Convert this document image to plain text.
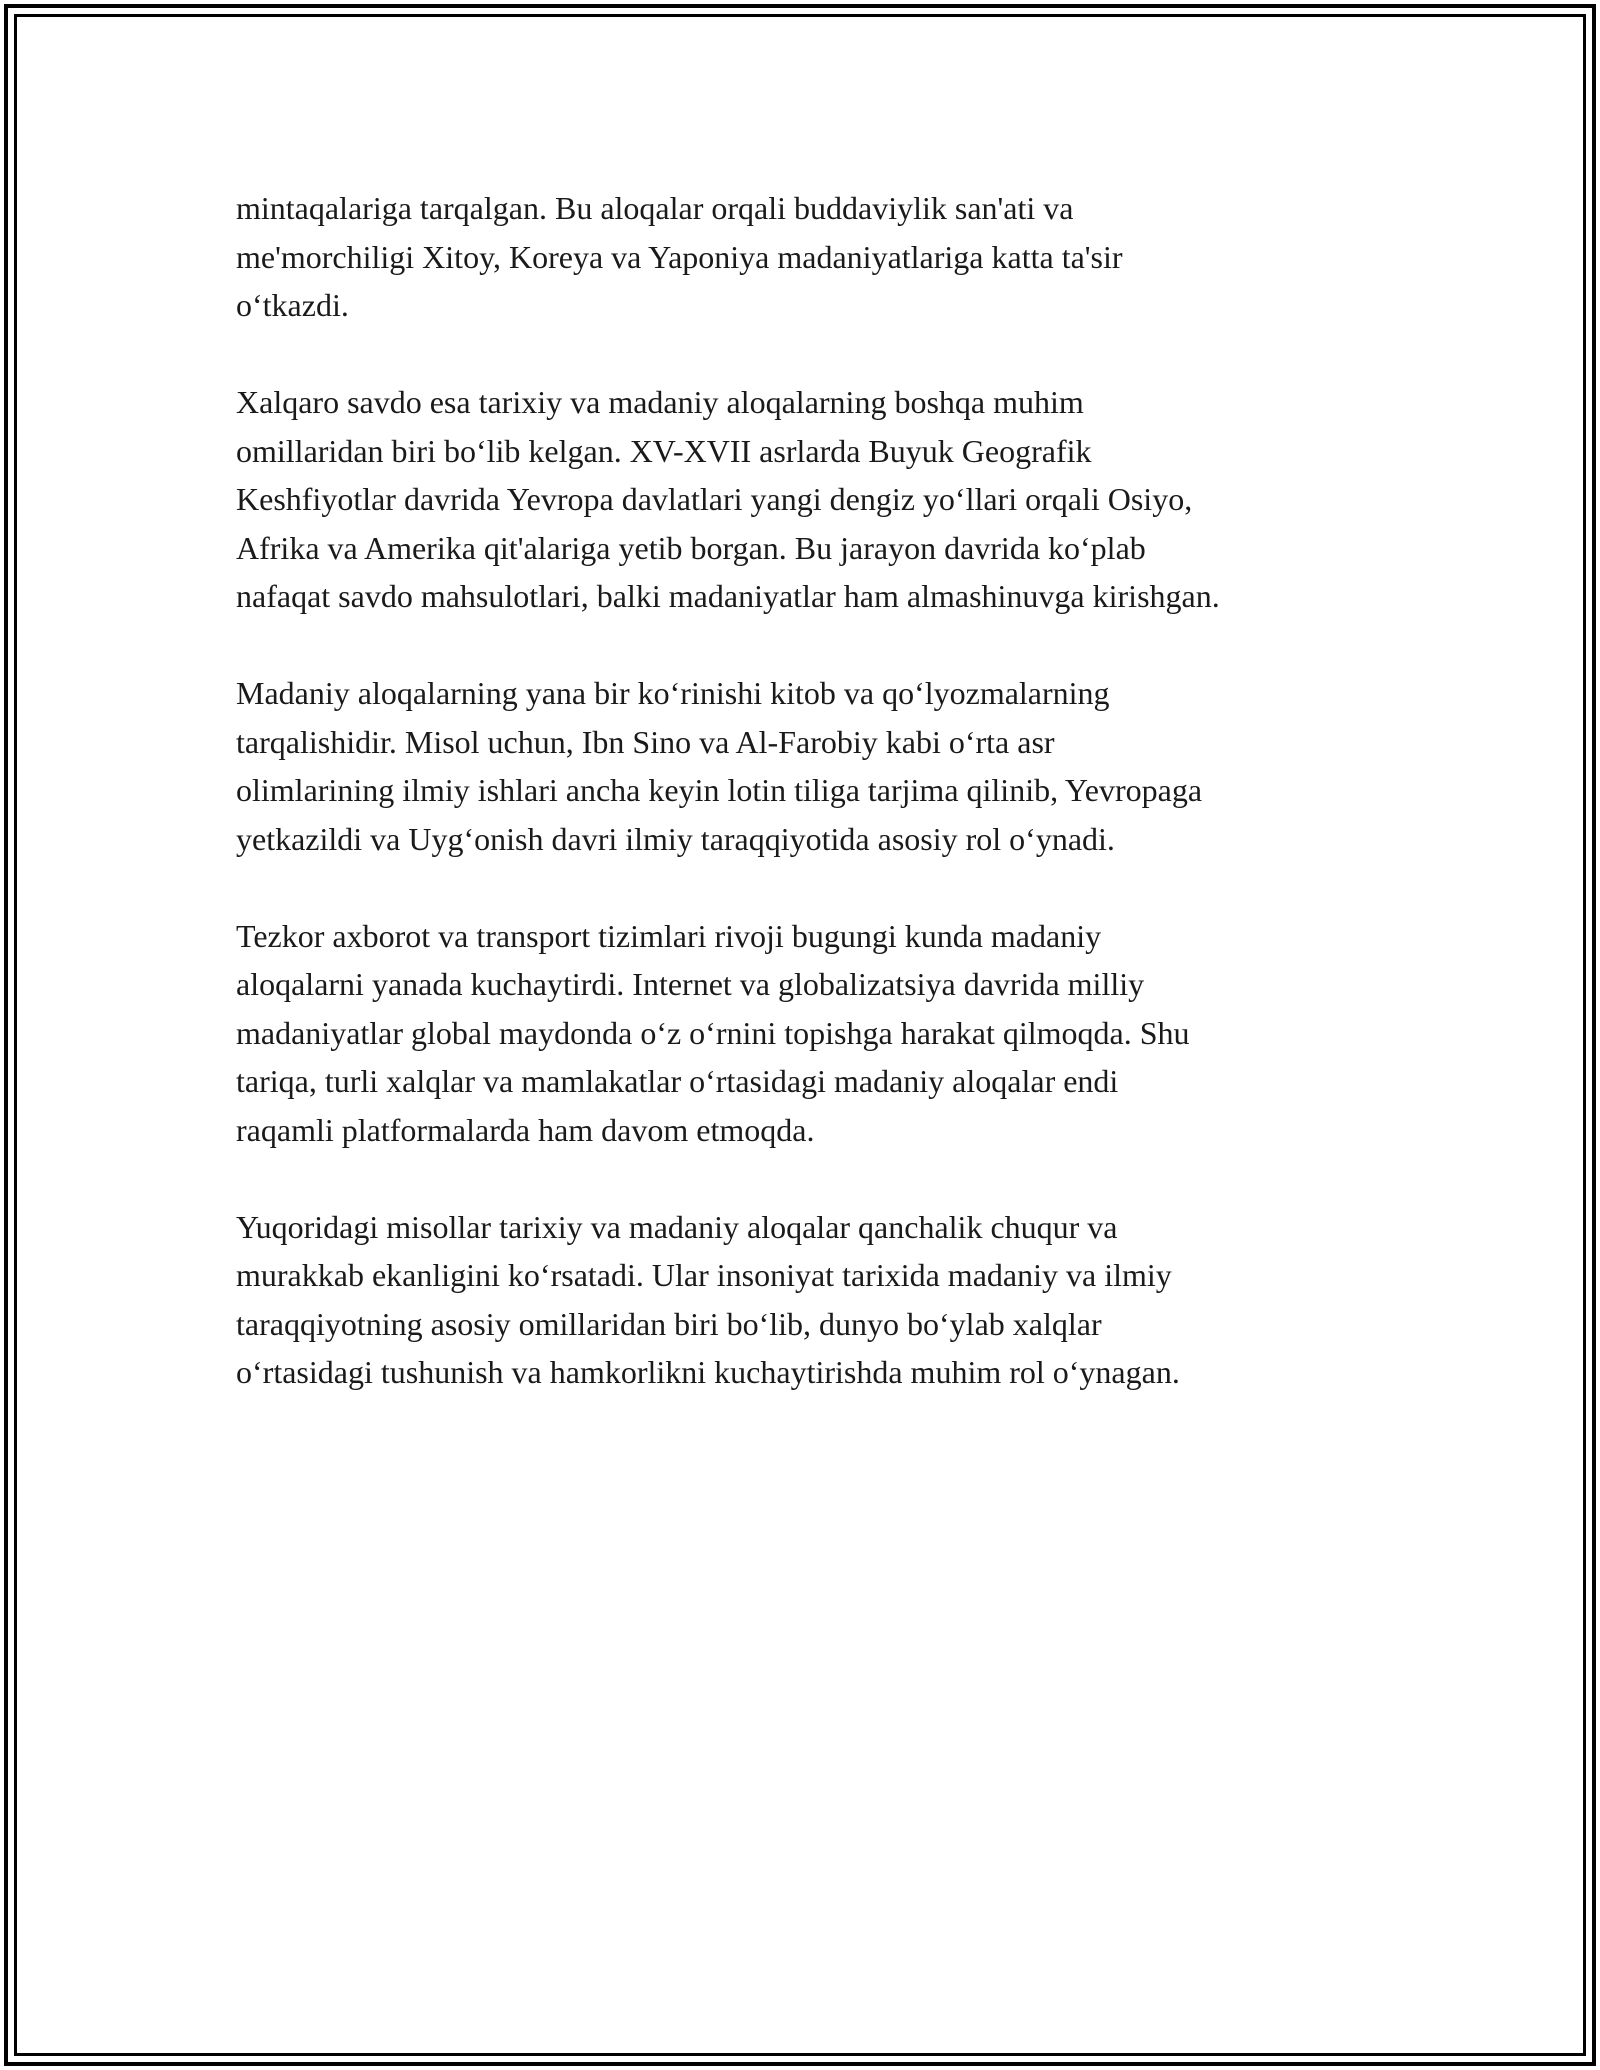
mintaqalariga tarqalgan. Bu aloqalar orqali buddaviylik san'ati va
me'morchiligi Xitoy, Koreya va Yaponiya madaniyatlariga katta ta'sir
o‘tkazdi.

Xalqaro savdo esa tarixiy va madaniy aloqalarning boshqa muhim
omillaridan biri bo‘lib kelgan. XV-XVII asrlarda Buyuk Geografik
Keshfiyotlar davrida Yevropa davlatlari yangi dengiz yo‘llari orqali Osiyo,
Afrika va Amerika qit'alariga yetib borgan. Bu jarayon davrida ko‘plab
nafaqat savdo mahsulotlari, balki madaniyatlar ham almashinuvga kirishgan.

Madaniy aloqalarning yana bir ko‘rinishi kitob va qo‘lyozmalarning
tarqalishidir. Misol uchun, Ibn Sino va Al-Farobiy kabi o‘rta asr
olimlarining ilmiy ishlari ancha keyin lotin tiliga tarjima qilinib, Yevropaga
yetkazildi va Uyg‘onish davri ilmiy taraqqiyotida asosiy rol o‘ynadi.

Tezkor axborot va transport tizimlari rivoji bugungi kunda madaniy
aloqalarni yanada kuchaytirdi. Internet va globalizatsiya davrida milliy
madaniyatlar global maydonda o‘z o‘rnini topishga harakat qilmoqda. Shu
tariqa, turli xalqlar va mamlakatlar o‘rtasidagi madaniy aloqalar endi
raqamli platformalarda ham davom etmoqda.

Yuqoridagi misollar tarixiy va madaniy aloqalar qanchalik chuqur va
murakkab ekanligini ko‘rsatadi. Ular insoniyat tarixida madaniy va ilmiy
taraqqiyotning asosiy omillaridan biri bo‘lib, dunyo bo‘ylab xalqlar
o‘rtasidagi tushunish va hamkorlikni kuchaytirishda muhim rol o‘ynagan.
